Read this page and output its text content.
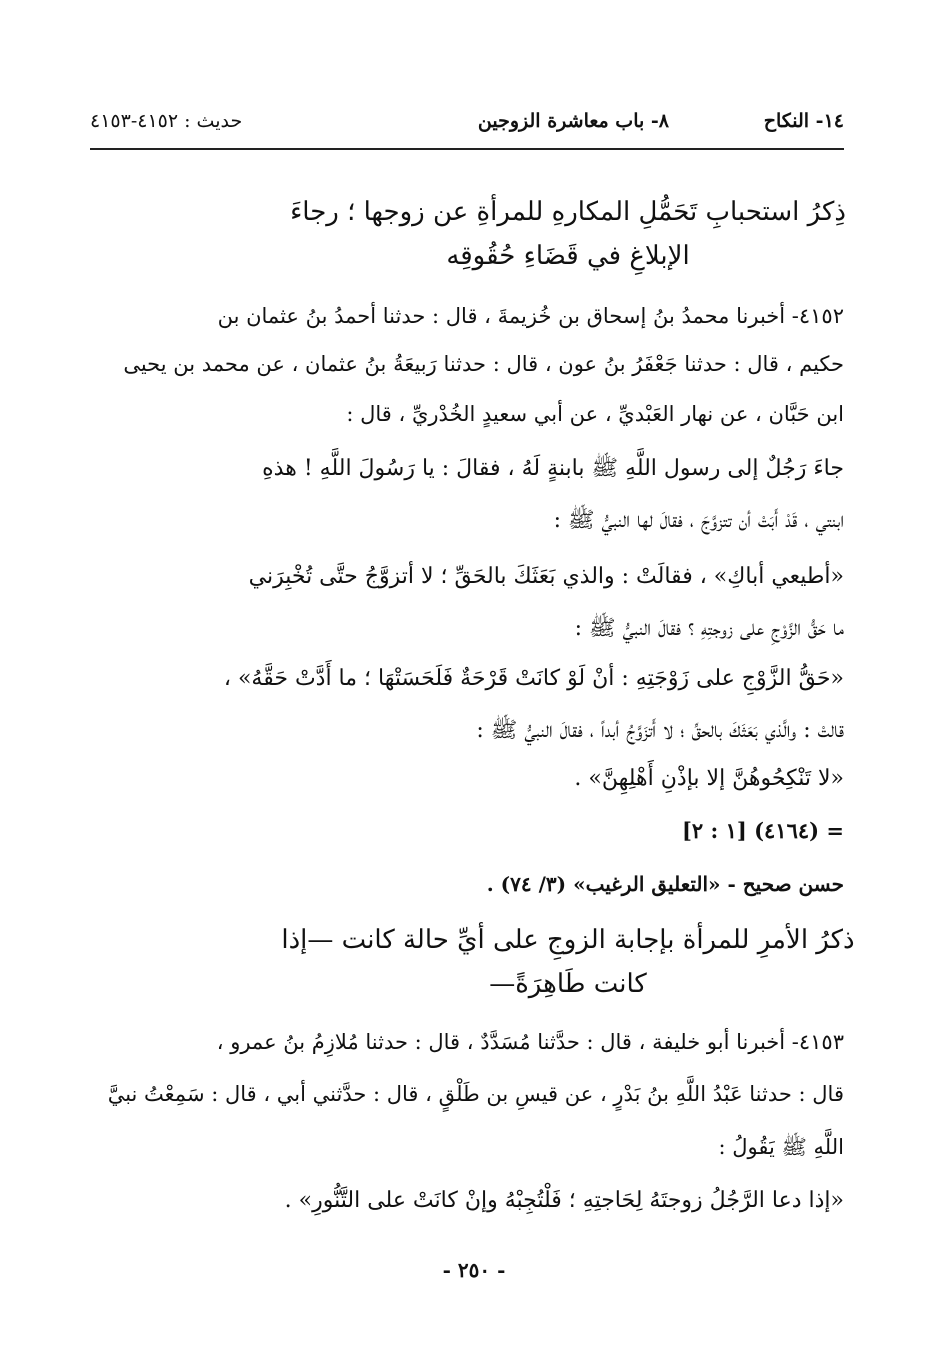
١٤- النكاح
٨- باب معاشرة الزوجين
حديث : ٤١٥٢-٤١٥٣
ذِكرُ استحبابِ تَحَمُّلِ المكارهِ للمرأةِ عن زوجها ؛ رجاءَ
الإبلاغِ في قَضَاءِ حُقُوقِه
٤١٥٢- أخبرنا محمدُ بنُ إسحاق بن خُزيمةَ ، قال : حدثنا أحمدُ بنُ عثمان بن
حكيم ، قال : حدثنا جَعْفَرُ بنُ عون ، قال : حدثنا رَبيعَةُ بنُ عثمان ، عن محمد بن يحيى
ابن حَبَّان ، عن نهار العَبْديِّ ، عن أبي سعيدٍ الخُدْريِّ ، قال :
جاءَ رَجُلٌ إلى رسول اللَّهِ ﷺ بابنةٍ لَهُ ، فقالَ : يا رَسُولَ اللَّهِ ! هذهِ
ابنتي ، قَدْ أَبَتْ أن تتزوَّجَ ، فقالَ لها النبيُّ ﷺ :
«أطيعي أباكِ» ، فقالَتْ : والذي بَعَثَكَ بالحَقِّ ؛ لا أتزوَّجُ حتَّى تُخْبِرَني
ما حَقُّ الزَّوْجِ على زوجتِهِ ؟ فقالَ النبيُّ ﷺ :
«حَقُّ الزَّوْجِ على زَوْجَتِهِ : أنْ لَوْ كانَتْ قَرْحَةٌ فَلَحَسَتْهَا ؛ ما أَدَّتْ حَقَّهُ» ،
قالتْ : والَّذي بَعَثَكَ بالحقِّ ؛ لا أَتزَوَّجُ أبداً ، فقالَ النبيُّ ﷺ :
«لا تَنْكِحُوهُنَّ إلا بإذْنِ أَهْلِهِنَّ» .
= (٤١٦٤) [١ : ٢]
حسن صحيح - «التعليق الرغيب» (٣/ ٧٤) .
ذكرُ الأمرِ للمرأة بإجابة الزوجِ على أيِّ حالة كانت —إذا
كانت طَاهِرَةً—
٤١٥٣- أخبرنا أبو خليفة ، قال : حدَّثنا مُسَدَّدٌ ، قال : حدثنا مُلازِمُ بنُ عمرو ،
قال : حدثنا عَبْدُ اللَّهِ بنُ بَدْرٍ ، عن قيسِ بن طَلْقٍ ، قال : حدَّثني أبي ، قال : سَمِعْتُ نبيَّ
اللَّهِ ﷺ يَقُولُ :
«إذا دعا الرَّجُلُ زوجتَهُ لِحَاجتِهِ ؛ فَلْتُجِبْهُ وإنْ كانَتْ على التَّنُّورِ» .
- ٢٥٠ -
